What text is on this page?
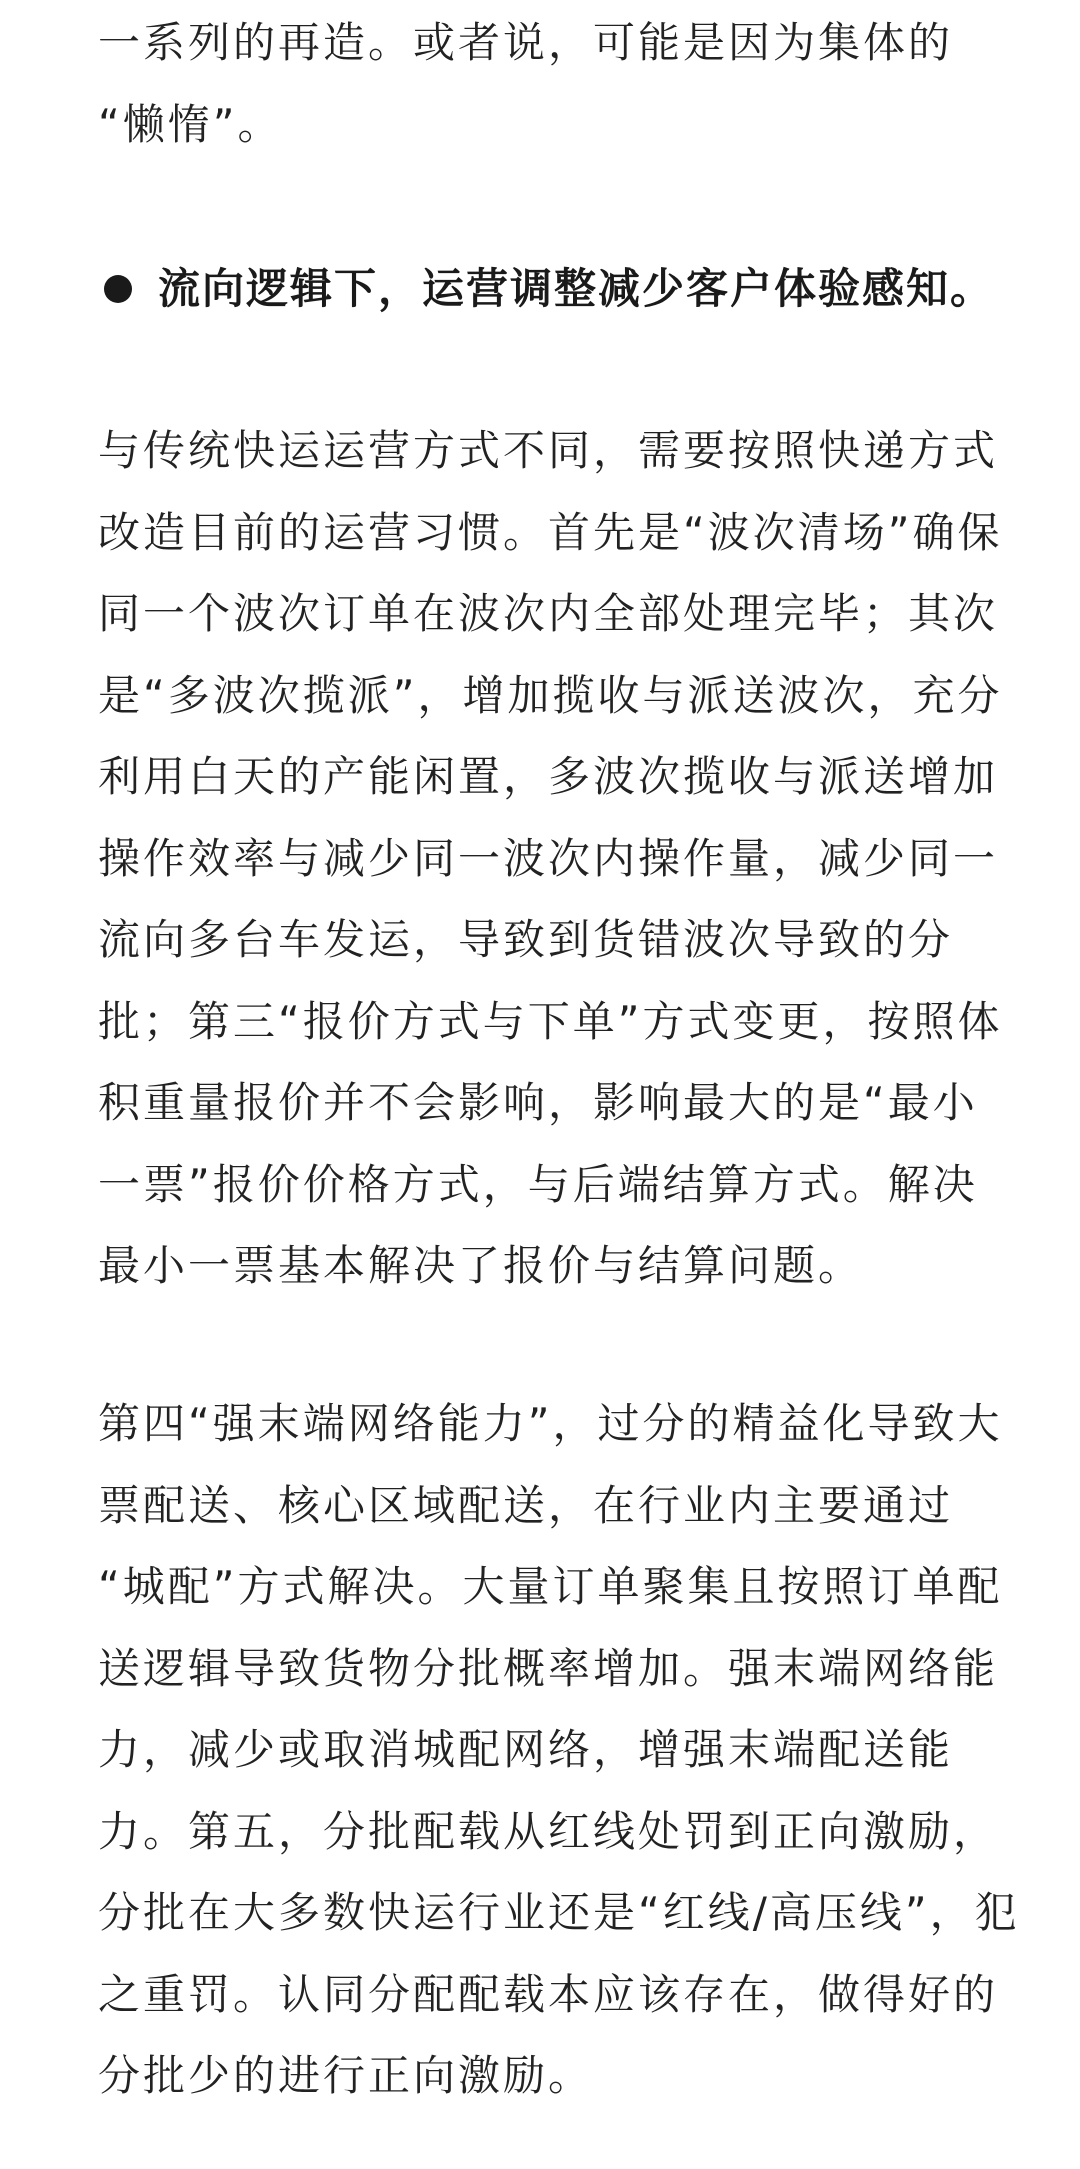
一系列的再造。或者说，可能是因为集体的
“懒惰”。
流向逻辑下，运营调整减少客户体验感知。
与传统快运运营方式不同，需要按照快递方式
改造目前的运营习惯。首先是“波次清场”确保
同一个波次订单在波次内全部处理完毕；其次
是“多波次揽派”，增加揽收与派送波次，充分
利用白天的产能闲置，多波次揽收与派送增加
操作效率与减少同一波次内操作量，减少同一
流向多台车发运，导致到货错波次导致的分
批；第三“报价方式与下单”方式变更，按照体
积重量报价并不会影响，影响最大的是“最小
一票”报价价格方式，与后端结算方式。解决
最小一票基本解决了报价与结算问题。
第四“强末端网络能力”，过分的精益化导致大
票配送、核心区域配送，在行业内主要通过
“城配”方式解决。大量订单聚集且按照订单配
送逻辑导致货物分批概率增加。强末端网络能
力，减少或取消城配网络，增强末端配送能
力。第五，分批配载从红线处罚到正向激励，
分批在大多数快运行业还是“红线/高压线”，犯
之重罚。认同分配配载本应该存在，做得好的
分批少的进行正向激励。
